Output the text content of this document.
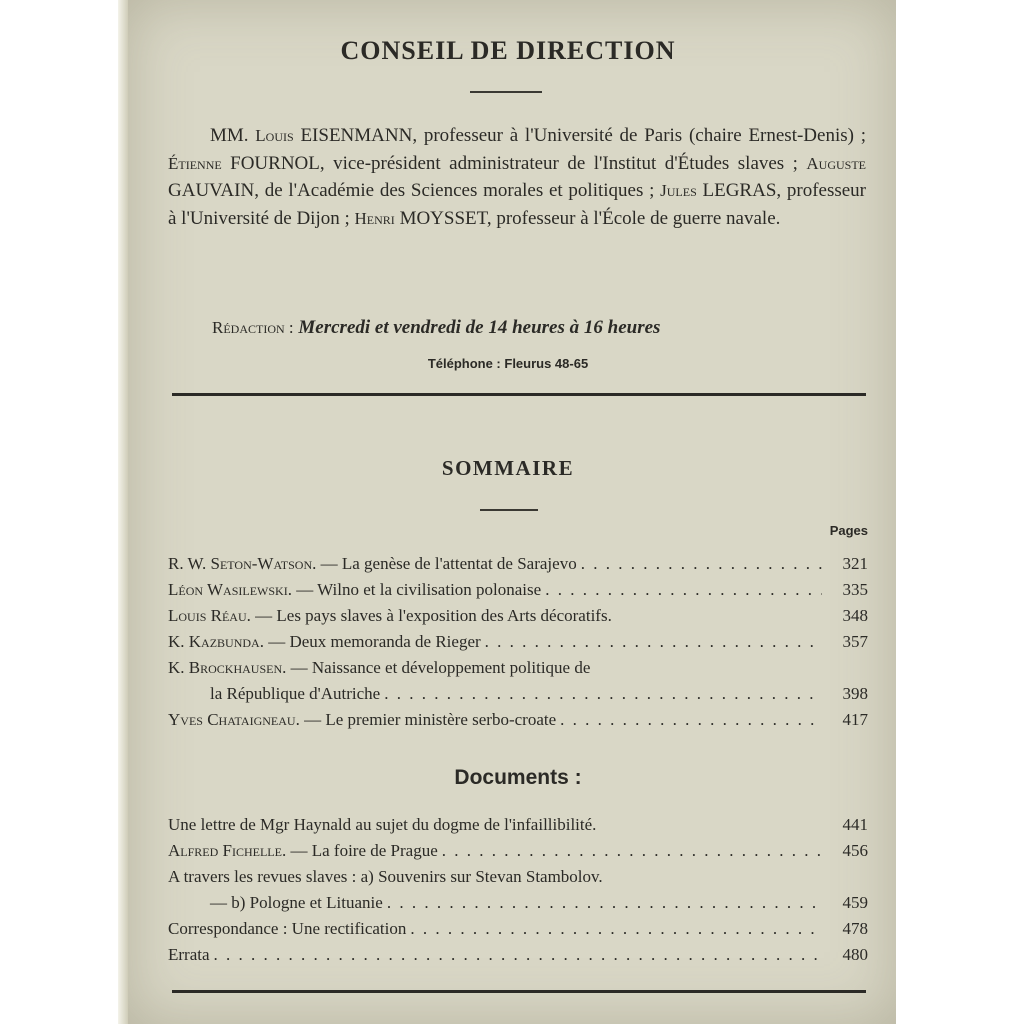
CONSEIL DE DIRECTION

MM. Louis EISENMANN, professeur à l'Université de Paris (chaire Ernest-Denis) ; Étienne FOURNOL, vice-président administrateur de l'Institut d'Études slaves ; Auguste GAUVAIN, de l'Académie des Sciences morales et politiques ; Jules LEGRAS, professeur à l'Université de Dijon ; Henri MOYSSET, professeur à l'École de guerre navale.

Rédaction : Mercredi et vendredi de 14 heures à 16 heures
Téléphone : Fleurus 48-65
SOMMAIRE
Pages
R. W. Seton-Watson. — La genèse de l'attentat de Sarajevo . . .	321
Léon Wasilewski. — Wilno et la civilisation polonaise . . .	335
Louis Réau. — Les pays slaves à l'exposition des Arts décoratifs.	348
K. Kazbunda. — Deux memoranda de Rieger . . .	357
K. Brockhausen. — Naissance et développement politique de
la République d'Autriche . . .	398
Yves Chataigneau. — Le premier ministère serbo-croate . . .	417
Documents :
Une lettre de Mgr Haynald au sujet du dogme de l'infaillibilité.	441
Alfred Fichelle. — La foire de Prague . . .	456
A travers les revues slaves : a) Souvenirs sur Stevan Stambolov.
— b) Pologne et Lituanie . . .	459
Correspondance : Une rectification . . .	478
Errata . . .	480
